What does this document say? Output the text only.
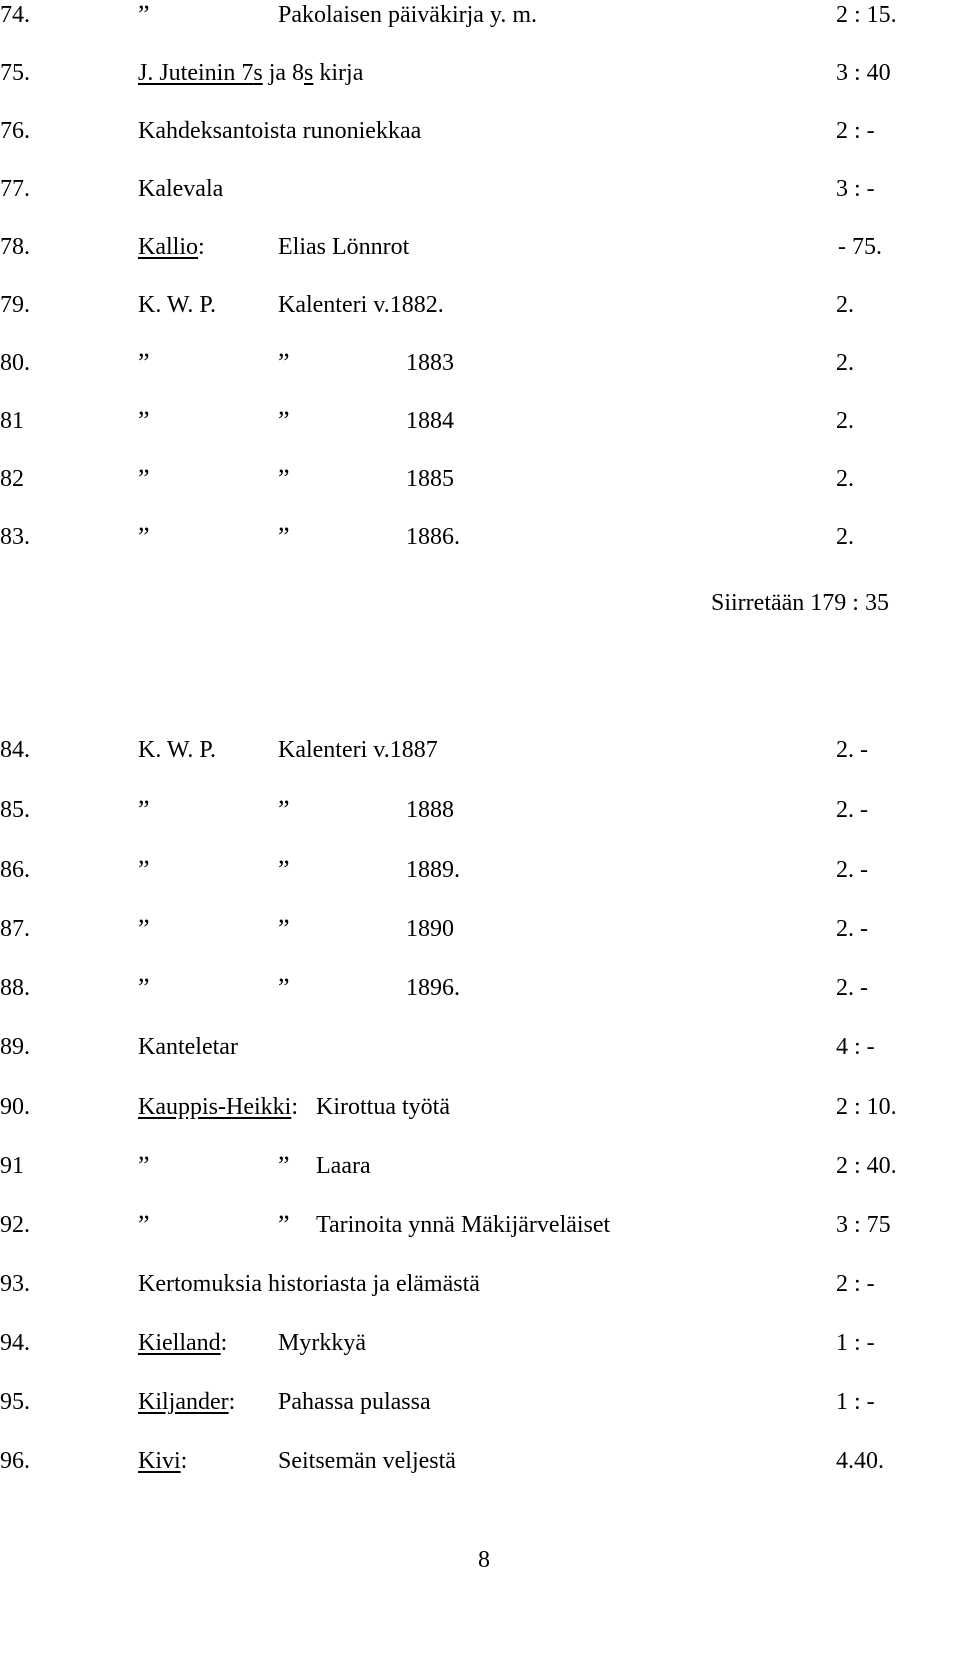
74.	”	Pakolaisen päiväkirja y. m.	2 : 15.
75.	J. Juteinin 7s ja 8s kirja	3 : 40
76.	Kahdeksantoista runoniekkaa	2 : -
77.	Kalevala	3 : -
78.	Kallio:	Elias Lönnrot	- 75.
79.	K. W. P.	Kalenteri v.1882.	2.
80.	”	”	1883	2.
81	”	”	1884	2.
82	”	”	1885	2.
83.	”	”	1886.	2.
Siirretään 179 : 35
84.	K. W. P.	Kalenteri v.1887	2. -
85.	”	”	1888	2. -
86.	”	”	1889.	2. -
87.	”	”	1890	2. -
88.	”	”	1896.	2. -
89.	Kanteletar	4 : -
90.	Kauppis-Heikki: Kirottua työtä	2 : 10.
91	”	” Laara	2 : 40.
92.	”	” Tarinoita ynnä Mäkijärveläiset	3 : 75
93.	Kertomuksia historiasta ja elämästä	2 : -
94.	Kielland: Myrkkyä	1 : -
95.	Kiljander: Pahassa pulassa	1 : -
96.	Kivi:	Seitsemän veljestä	4.40.
8
